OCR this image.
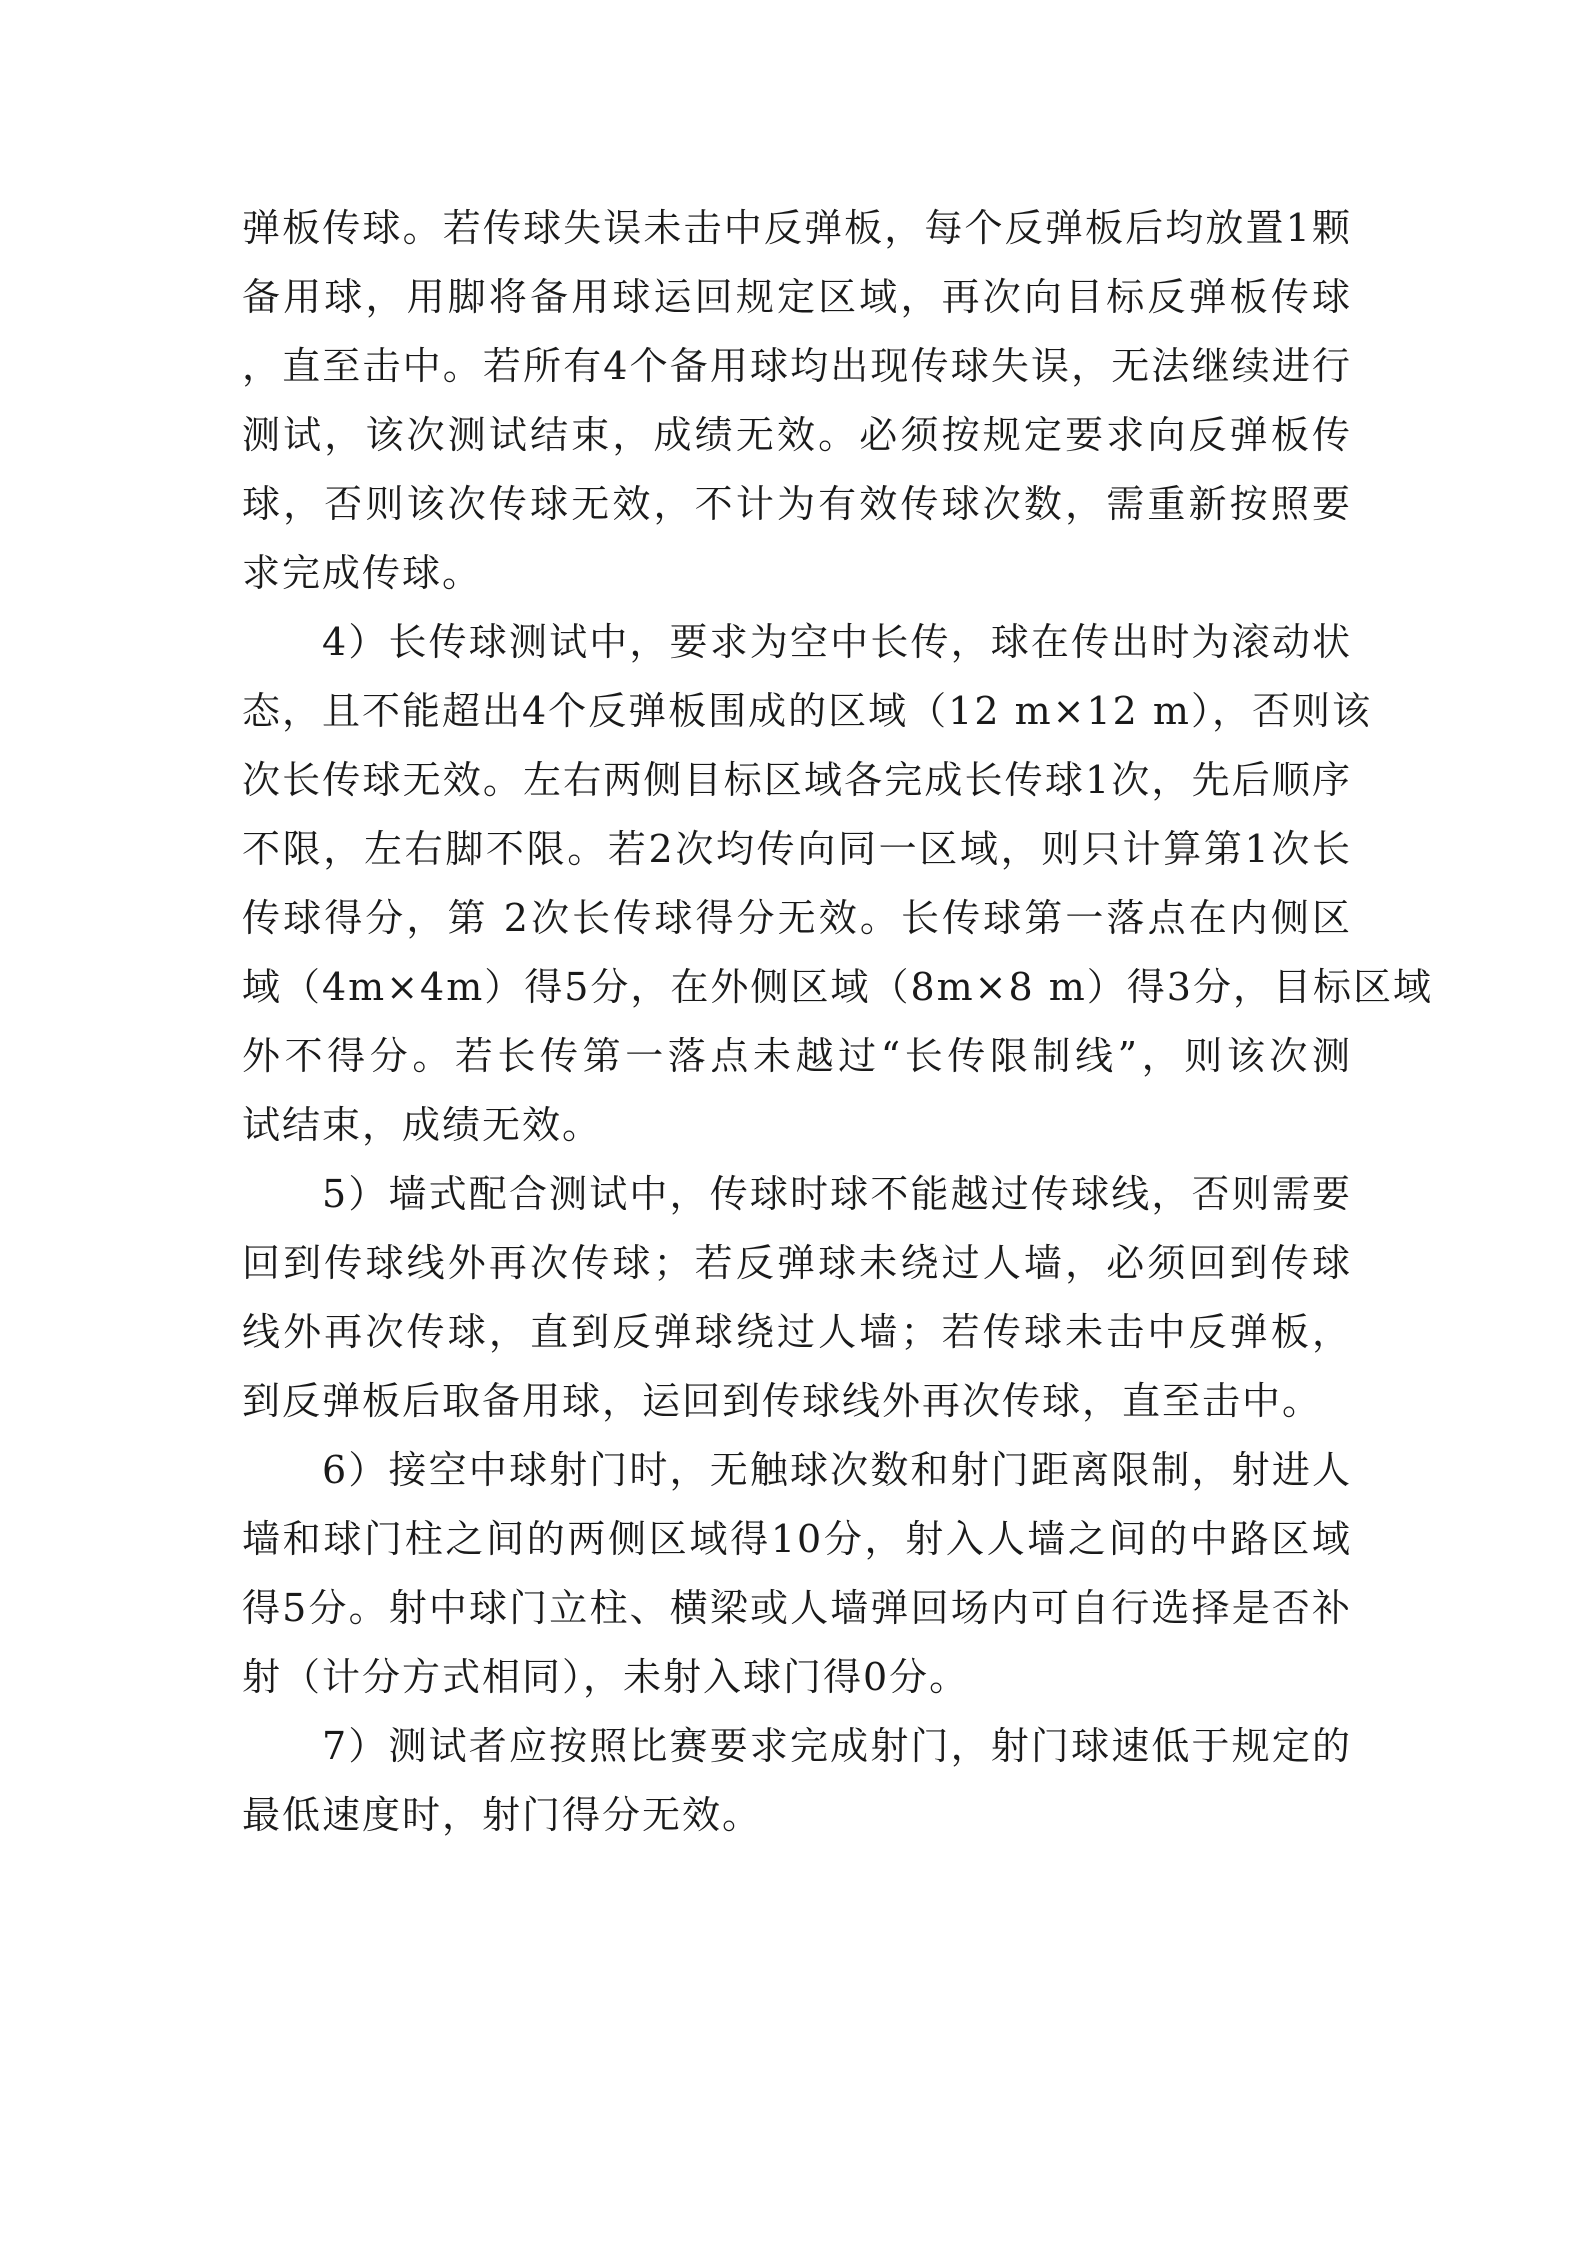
弹板传球。若传球失误未击中反弹板，每个反弹板后均放置1颗
备用球，用脚将备用球运回规定区域，再次向目标反弹板传球
，直至击中。若所有4个备用球均出现传球失误，无法继续进行
测试，该次测试结束，成绩无效。必须按规定要求向反弹板传
球，否则该次传球无效，不计为有效传球次数，需重新按照要
求完成传球。
4）长传球测试中，要求为空中长传，球在传出时为滚动状
态，且不能超出4个反弹板围成的区域（12 m×12 m），否则该
次长传球无效。左右两侧目标区域各完成长传球1次，先后顺序
不限，左右脚不限。若2次均传向同一区域，则只计算第1次长
传球得分，第 2次长传球得分无效。长传球第一落点在内侧区
域（4m×4m）得5分，在外侧区域（8m×8 m）得3分，目标区域
外不得分。若长传第一落点未越过“长传限制线”，则该次测
试结束，成绩无效。
5）墙式配合测试中，传球时球不能越过传球线，否则需要
回到传球线外再次传球；若反弹球未绕过人墙，必须回到传球
线外再次传球，直到反弹球绕过人墙；若传球未击中反弹板，
到反弹板后取备用球，运回到传球线外再次传球，直至击中。
6）接空中球射门时，无触球次数和射门距离限制，射进人
墙和球门柱之间的两侧区域得10分，射入人墙之间的中路区域
得5分。射中球门立柱、横梁或人墙弹回场内可自行选择是否补
射（计分方式相同），未射入球门得0分。
7）测试者应按照比赛要求完成射门，射门球速低于规定的
最低速度时，射门得分无效。
